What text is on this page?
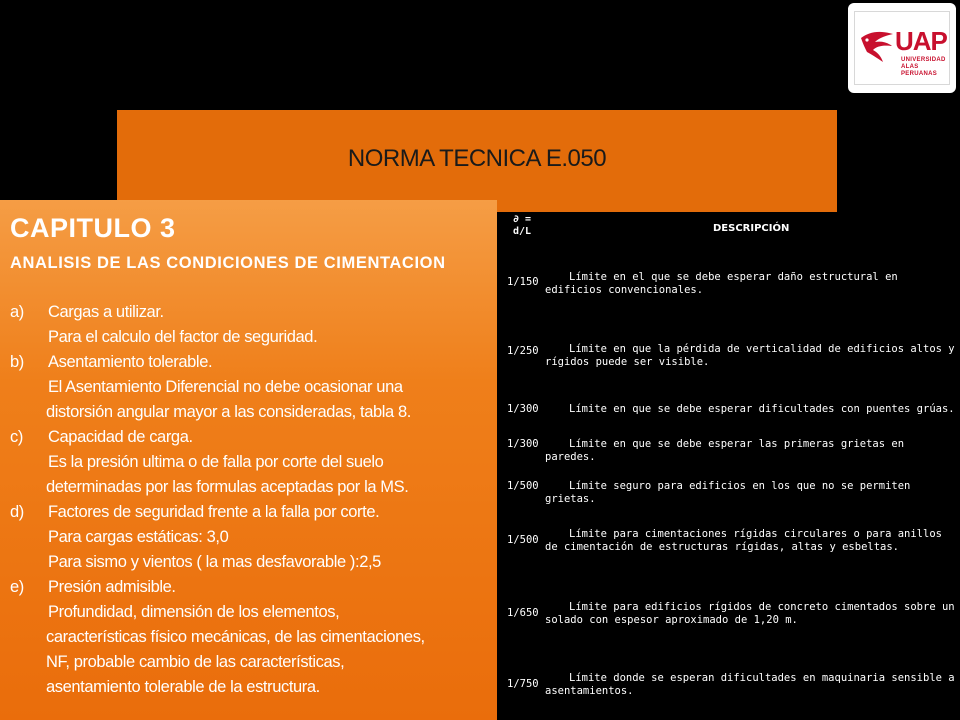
UAP
UNIVERSIDAD
ALAS PERUANAS
NORMA TECNICA E.050
CAPITULO 3
ANALISIS DE LAS CONDICIONES DE CIMENTACION
a) Cargas a utilizar.
Para el calculo del factor de seguridad.
b) Asentamiento tolerable.
El Asentamiento Diferencial no debe ocasionar una
distorsión angular mayor a las consideradas, tabla 8.
c) Capacidad de carga.
Es la presión ultima o de falla por corte del suelo
determinadas por las formulas aceptadas por la MS.
d) Factores de seguridad frente a la falla por corte.
Para cargas estáticas: 3,0
Para sismo y vientos ( la mas desfavorable ):2,5
e) Presión admisible.
Profundidad, dimensión de los elementos,
características físico mecánicas, de las cimentaciones,
NF, probable cambio de las características,
asentamiento tolerable de la estructura.
∂ =
d/L	DESCRIPCIÓN
1/150	Límite en el que se debe esperar daño estructural en edificios convencionales.
1/250	Límite en que la pérdida de verticalidad de edificios altos y rígidos puede ser visible.
1/300	Límite en que se debe esperar dificultades con puentes grúas.
1/300	Límite en que se debe esperar las primeras grietas en paredes.
1/500	Límite seguro para edificios en los que no se permiten grietas.
1/500	Límite para cimentaciones rígidas circulares o para anillos de cimentación de estructuras rígidas, altas y esbeltas.
1/650	Límite para edificios rígidos de concreto cimentados sobre un solado con espesor aproximado de 1,20 m.
1/750	Límite donde se esperan dificultades en maquinaria sensible a asentamientos.
